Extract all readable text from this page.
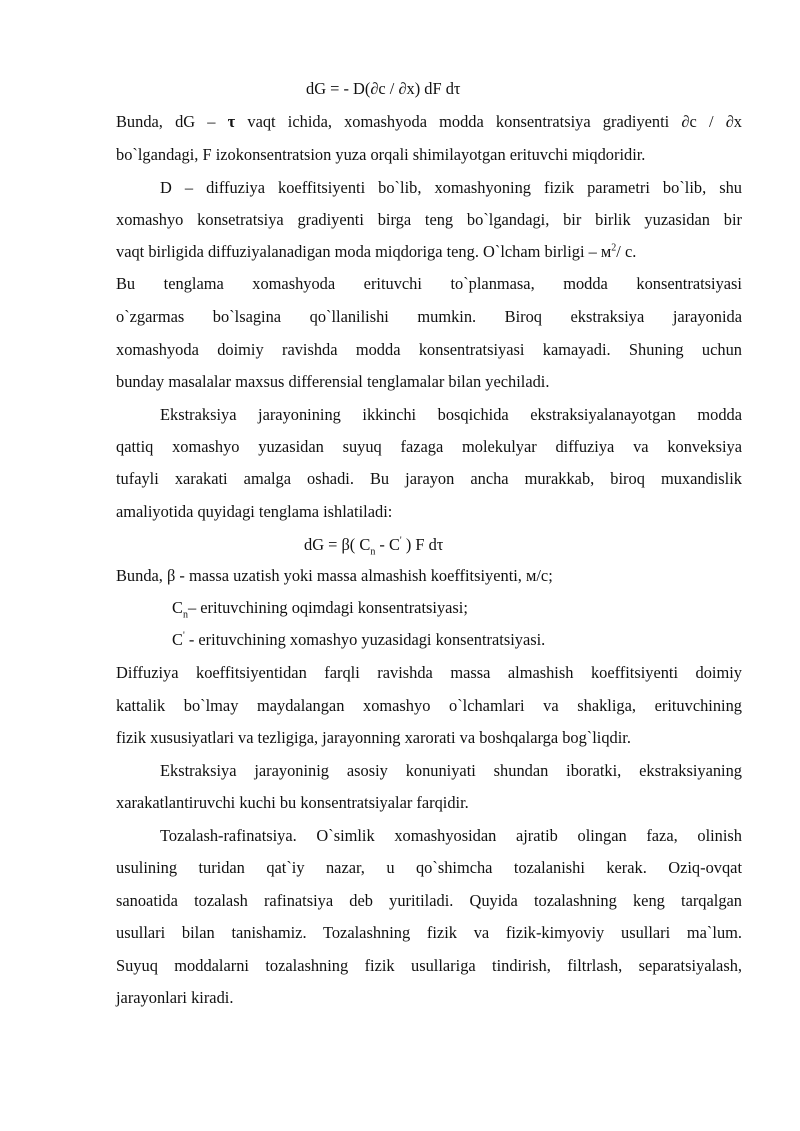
dG = - D(∂c / ∂x) dF dτ
Bunda, dG – τ vaqt ichida, xomashyoda modda konsentratsiya gradiyenti ∂c / ∂x
bo`lgandagi, F izokonsentratsion yuza orqali shimilayotgan erituvchi miqdoridir.
D – diffuziya koeffitsiyenti bo`lib, xomashyoning fizik parametri bo`lib, shu
xomashyo konsetratsiya gradiyenti birga teng bo`lgandagi, bir birlik yuzasidan bir
vaqt birligida diffuziyalanadigan moda miqdoriga teng. O`lcham birligi – $м^2/$ с.
Bu tenglama xomashyoda erituvchi to`planmasa, modda konsentratsiyasi
o`zgarmas bo`lsagina qo`llanilishi mumkin. Biroq ekstraksiya jarayonida
xomashyoda doimiy ravishda modda konsentratsiyasi kamayadi. Shuning uchun
bunday masalalar maxsus differensial tenglamalar bilan yechiladi.
Ekstraksiya jarayonining ikkinchi bosqichida ekstraksiyalanayotgan modda
qattiq xomashyo yuzasidan suyuq fazaga molekulyar diffuziya va konveksiya
tufayli xarakati amalga oshadi. Bu jarayon ancha murakkab, biroq muxandislik
amaliyotida quyidagi tenglama ishlatiladi:
dG = β( $C_n - C'$ ) F dτ
Bunda, β - massa uzatish yoki massa almashish koeffitsiyenti, м/с;
$C_n-$ erituvchining oqimdagi konsentratsiyasi;
C' - erituvchining xomashyo yuzasidagi konsentratsiyasi.
Diffuziya koeffitsiyentidan farqli ravishda massa almashish koeffitsiyenti doimiy
kattalik bo`lmay maydalangan xomashyo o`lchamlari va shakliga, erituvchining
fizik xususiyatlari va tezligiga, jarayonning xarorati va boshqalarga bog`liqdir.
Ekstraksiya jarayoninig asosiy konuniyati shundan iboratki, ekstraksiyaning
xarakatlantiruvchi kuchi bu konsentratsiyalar farqidir.
Tozalash-rafinatsiya. O`simlik xomashyosidan ajratib olingan faza, olinish
usulining turidan qat`iy nazar, u qo`shimcha tozalanishi kerak. Oziq-ovqat
sanoatida tozalash rafinatsiya deb yuritiladi. Quyida tozalashning keng tarqalgan
usullari bilan tanishamiz. Tozalashning fizik va fizik-kimyoviy usullari ma`lum.
Suyuq moddalarni tozalashning fizik usullariga tindirish, filtrlash, separatsiyalash,
jarayonlari kiradi.
